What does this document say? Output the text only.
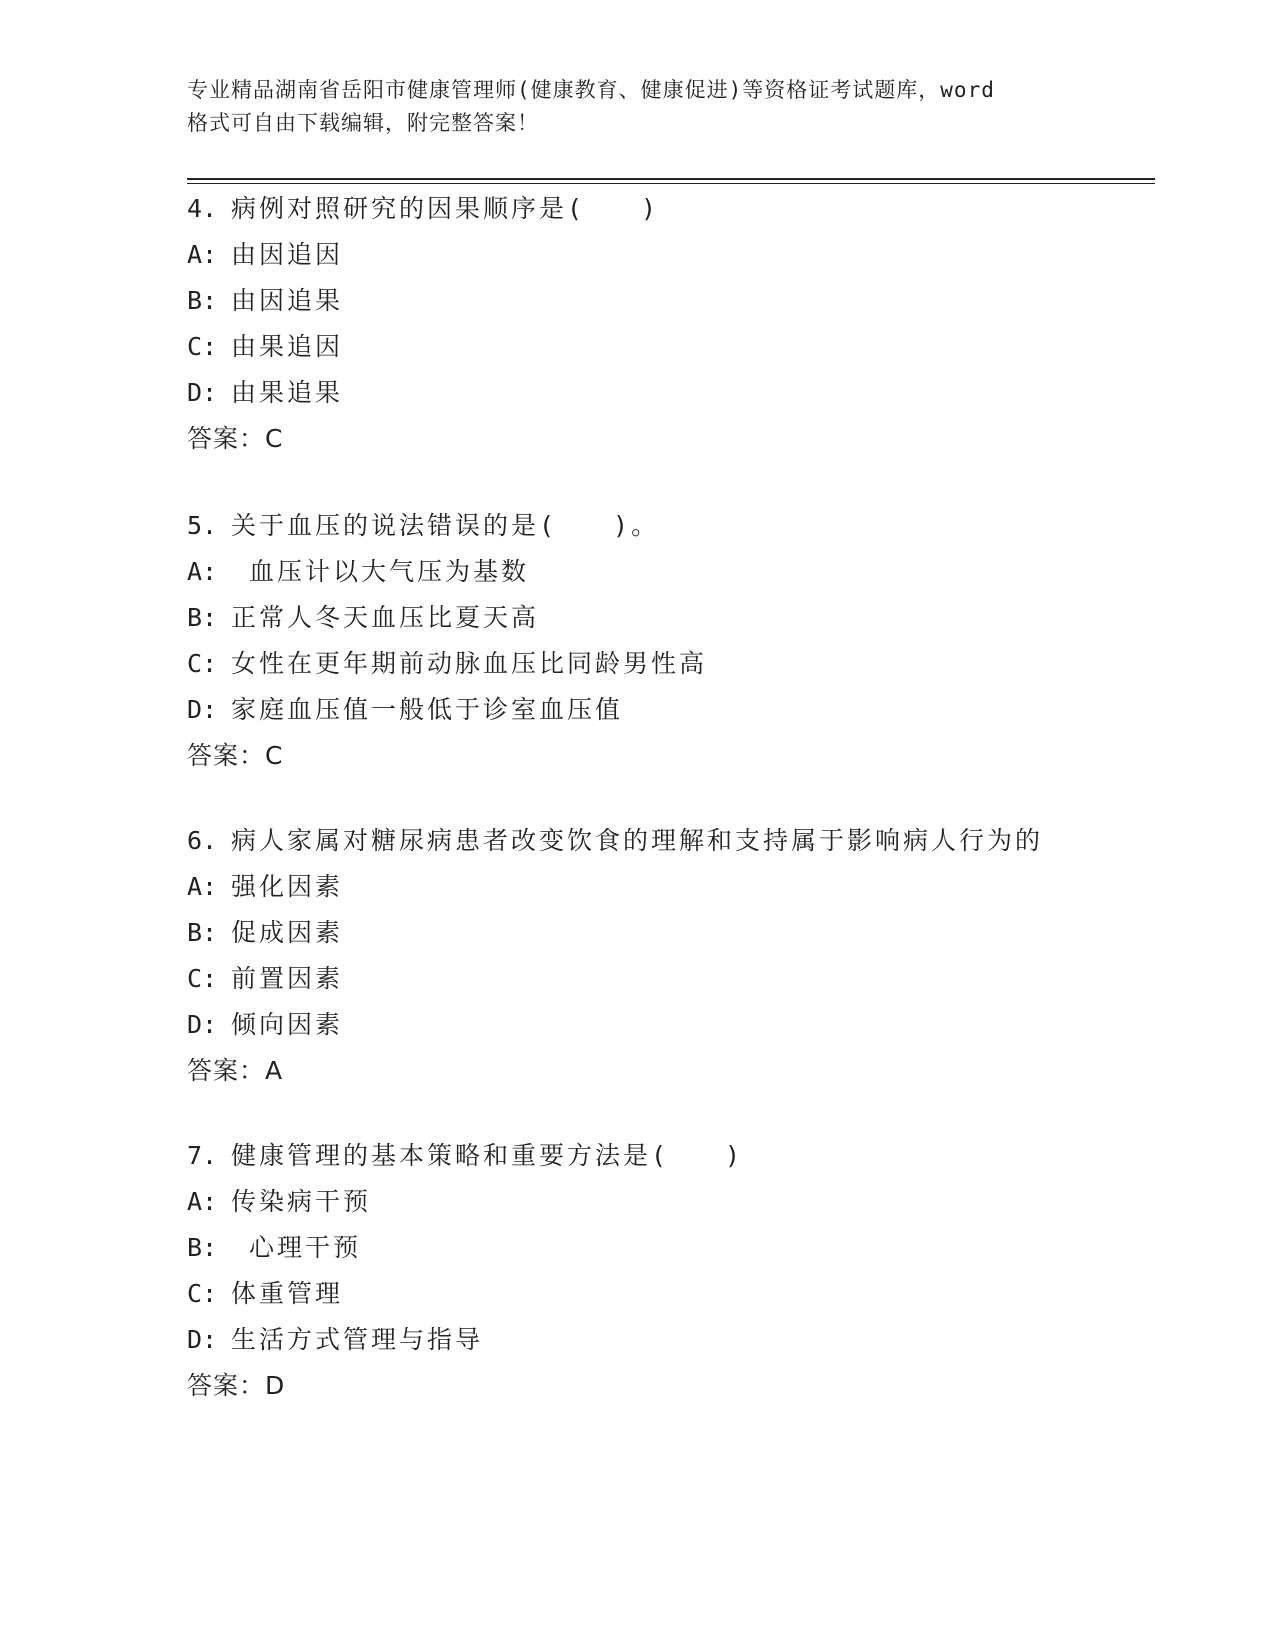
专业精品湖南省岳阳市健康管理师(健康教育、健康促进)等资格证考试题库，word
格式可自由下载编辑，附完整答案！
4. 病例对照研究的因果顺序是(　　)
A: 由因追因
B: 由因追果
C: 由果追因
D: 由果追果
答案：C
5. 关于血压的说法错误的是(　　)。
A: 血压计以大气压为基数
B: 正常人冬天血压比夏天高
C: 女性在更年期前动脉血压比同龄男性高
D: 家庭血压值一般低于诊室血压值
答案：C
6. 病人家属对糖尿病患者改变饮食的理解和支持属于影响病人行为的
A: 强化因素
B: 促成因素
C: 前置因素
D: 倾向因素
答案：A
7. 健康管理的基本策略和重要方法是(　　)
A: 传染病干预
B: 心理干预
C: 体重管理
D: 生活方式管理与指导
答案：D
